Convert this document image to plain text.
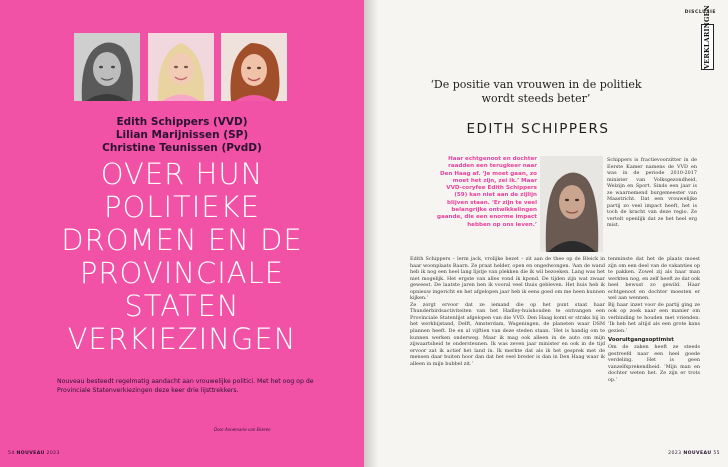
Edith Schippers (VVD)
Lilian Marijnissen (SP)
Christine Teunissen (PvdD)
OVER HUN
POLITIEKE
DROMEN EN DE
PROVINCIALE
STATEN
VERKIEZINGEN
Nouveau besteedt regelmatig aandacht aan vrouwelijke politici. Met het oog op de Provinciale Statenverkiezingen deze keer drie lijsttrekkers.
Door Annemarie van Ekeren
54 NOUVEAU 2023
DISCLUSIE
VERKLARINGEN
2023 NOUVEAU 55
‘De positie van vrouwen in de politiek wordt steeds beter’
EDITH SCHIPPERS
Haar echtgenoot en dochter raadden een terugkeer naar Den Haag af. ‘Je moet gaan, zo moet het zijn, zei ik.’ Maar VVD-coryfee Edith Schippers (59) kan niet aan de zijlijn blijven staan. ‘Er zijn te veel belangrijke ontwikkelingen gaande, die een enorme impact hebben op ons leven.’
Schippers is fractievoorzitter in de Eerste Kamer namens de VVD en was in de periode 2010-2017 minister van Volksgezondheid, Welzijn en Sport. Sinds een jaar is ze waarnemend burgemeester van Maastricht. Dat een vrouwelijke partij zo veel impact heeft, het is toch de kracht van deze regio. Ze vertelt openlijk dat ze het heel erg mist.

Edith Schippers – lerm jack, vrolijke bezet – zit aan de thee op de Bleick in haar woonplaats Baarn. Ze praat helder, open en ongedwongen. ‘Aan de wand heb ik nog een heel lang lijstje van plekken die ik wil bezoeken. Lang was het niet mogelijk. Het ergste van alles vond ik kpond. De tijden zijn wat zwaar geweest. De laatste jaren ben ik vooral veel thuis gebleven. Het huis heb ik opnieuw ingericht en het afgelopen jaar heb ik eens goed om me heen kunnen kijken.’

Ze zorgt ervoor dat ze iemand die op het punt staat haar Thunderbirdsactiviteiten van het Hadley-huishouden te ontvangen een Provinciale Statenlijst afgelopen van die VVD. Den Haag komt er straks bij in het werkbijstand, Delft, Amsterdam, Wageningen, de planeten waar DSM plannen heeft. De en al vijftien van deze steden staan. ‘Het is handig om te kunnen werken onderweg. Maar ik mag ook alleen in de auto om mijn zijwaartsheid te ondersteunen. Ik was zeven jaar minister en ook in de tijd ervoor zat ik actief het land in. Ik merkte dat als ik het gesprek met de mensen daar buiten hoor dan dat het veel breder is dan in Den Haag waar ik alleen in mijn bubbel zit.’

tenminste dat het de plaats moest zijn om een deel van de vakanties op te pakken. Zowel zij als haar man werkten nog, en zelf heeft ze dat ook heel bewust zo gewild. Haar echtgenoot en dochter moesten er wel aan wennen.

Bij haar inzet voor de partij ging ze ook op zoek naar een manier om verbinding te houden met vrienden. ‘Ik heb het altijd als een grote kans gezien.’

Vooruitgangsoptimist

Om de zaken heeft ze steeds gestreefd naar een heel goede verdeling. Het is geen vanzelfsprekendheid. ‘Mijn man en dochter weten het. Ze zijn er trots op.’
